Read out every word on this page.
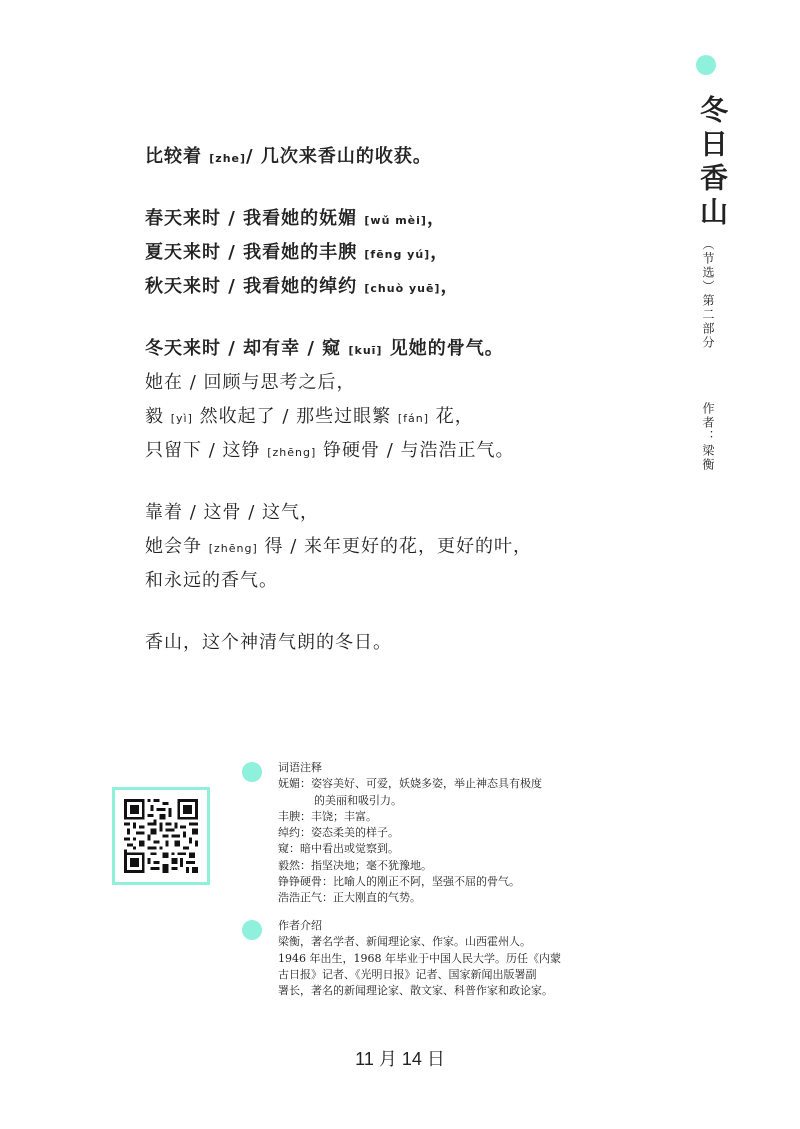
冬日香山
（节选）第二部分
作者：梁衡
比较着 [zhe]/ 几次来香山的收获。
春天来时 / 我看她的妩媚 [wǔ mèi]，
夏天来时 / 我看她的丰腴 [fēng yú]，
秋天来时 / 我看她的绰约 [chuò yuē]，
冬天来时 / 却有幸 / 窥 [kuī] 见她的骨气。
她在 / 回顾与思考之后，
毅 [yì] 然收起了 / 那些过眼繁 [fán] 花，
只留下 / 这铮 [zhēng] 铮硬骨 / 与浩浩正气。
靠着 / 这骨 / 这气，
她会争 [zhēng] 得 / 来年更好的花，更好的叶，
和永远的香气。
香山，这个神清气朗的冬日。
词语注释
妩媚：姿容美好、可爱，妖娆多姿，举止神态具有极度
的美丽和吸引力。
丰腴：丰饶；丰富。
绰约：姿态柔美的样子。
窥：暗中看出或觉察到。
毅然：指坚决地；毫不犹豫地。
铮铮硬骨：比喻人的刚正不阿，坚强不屈的骨气。
浩浩正气：正大刚直的气势。
作者介绍
梁衡，著名学者、新闻理论家、作家。山西霍州人。
1946 年出生，1968 年毕业于中国人民大学。历任《内蒙
古日报》记者、《光明日报》记者、国家新闻出版署副
署长，著名的新闻理论家、散文家、科普作家和政论家。
11 月 14 日
